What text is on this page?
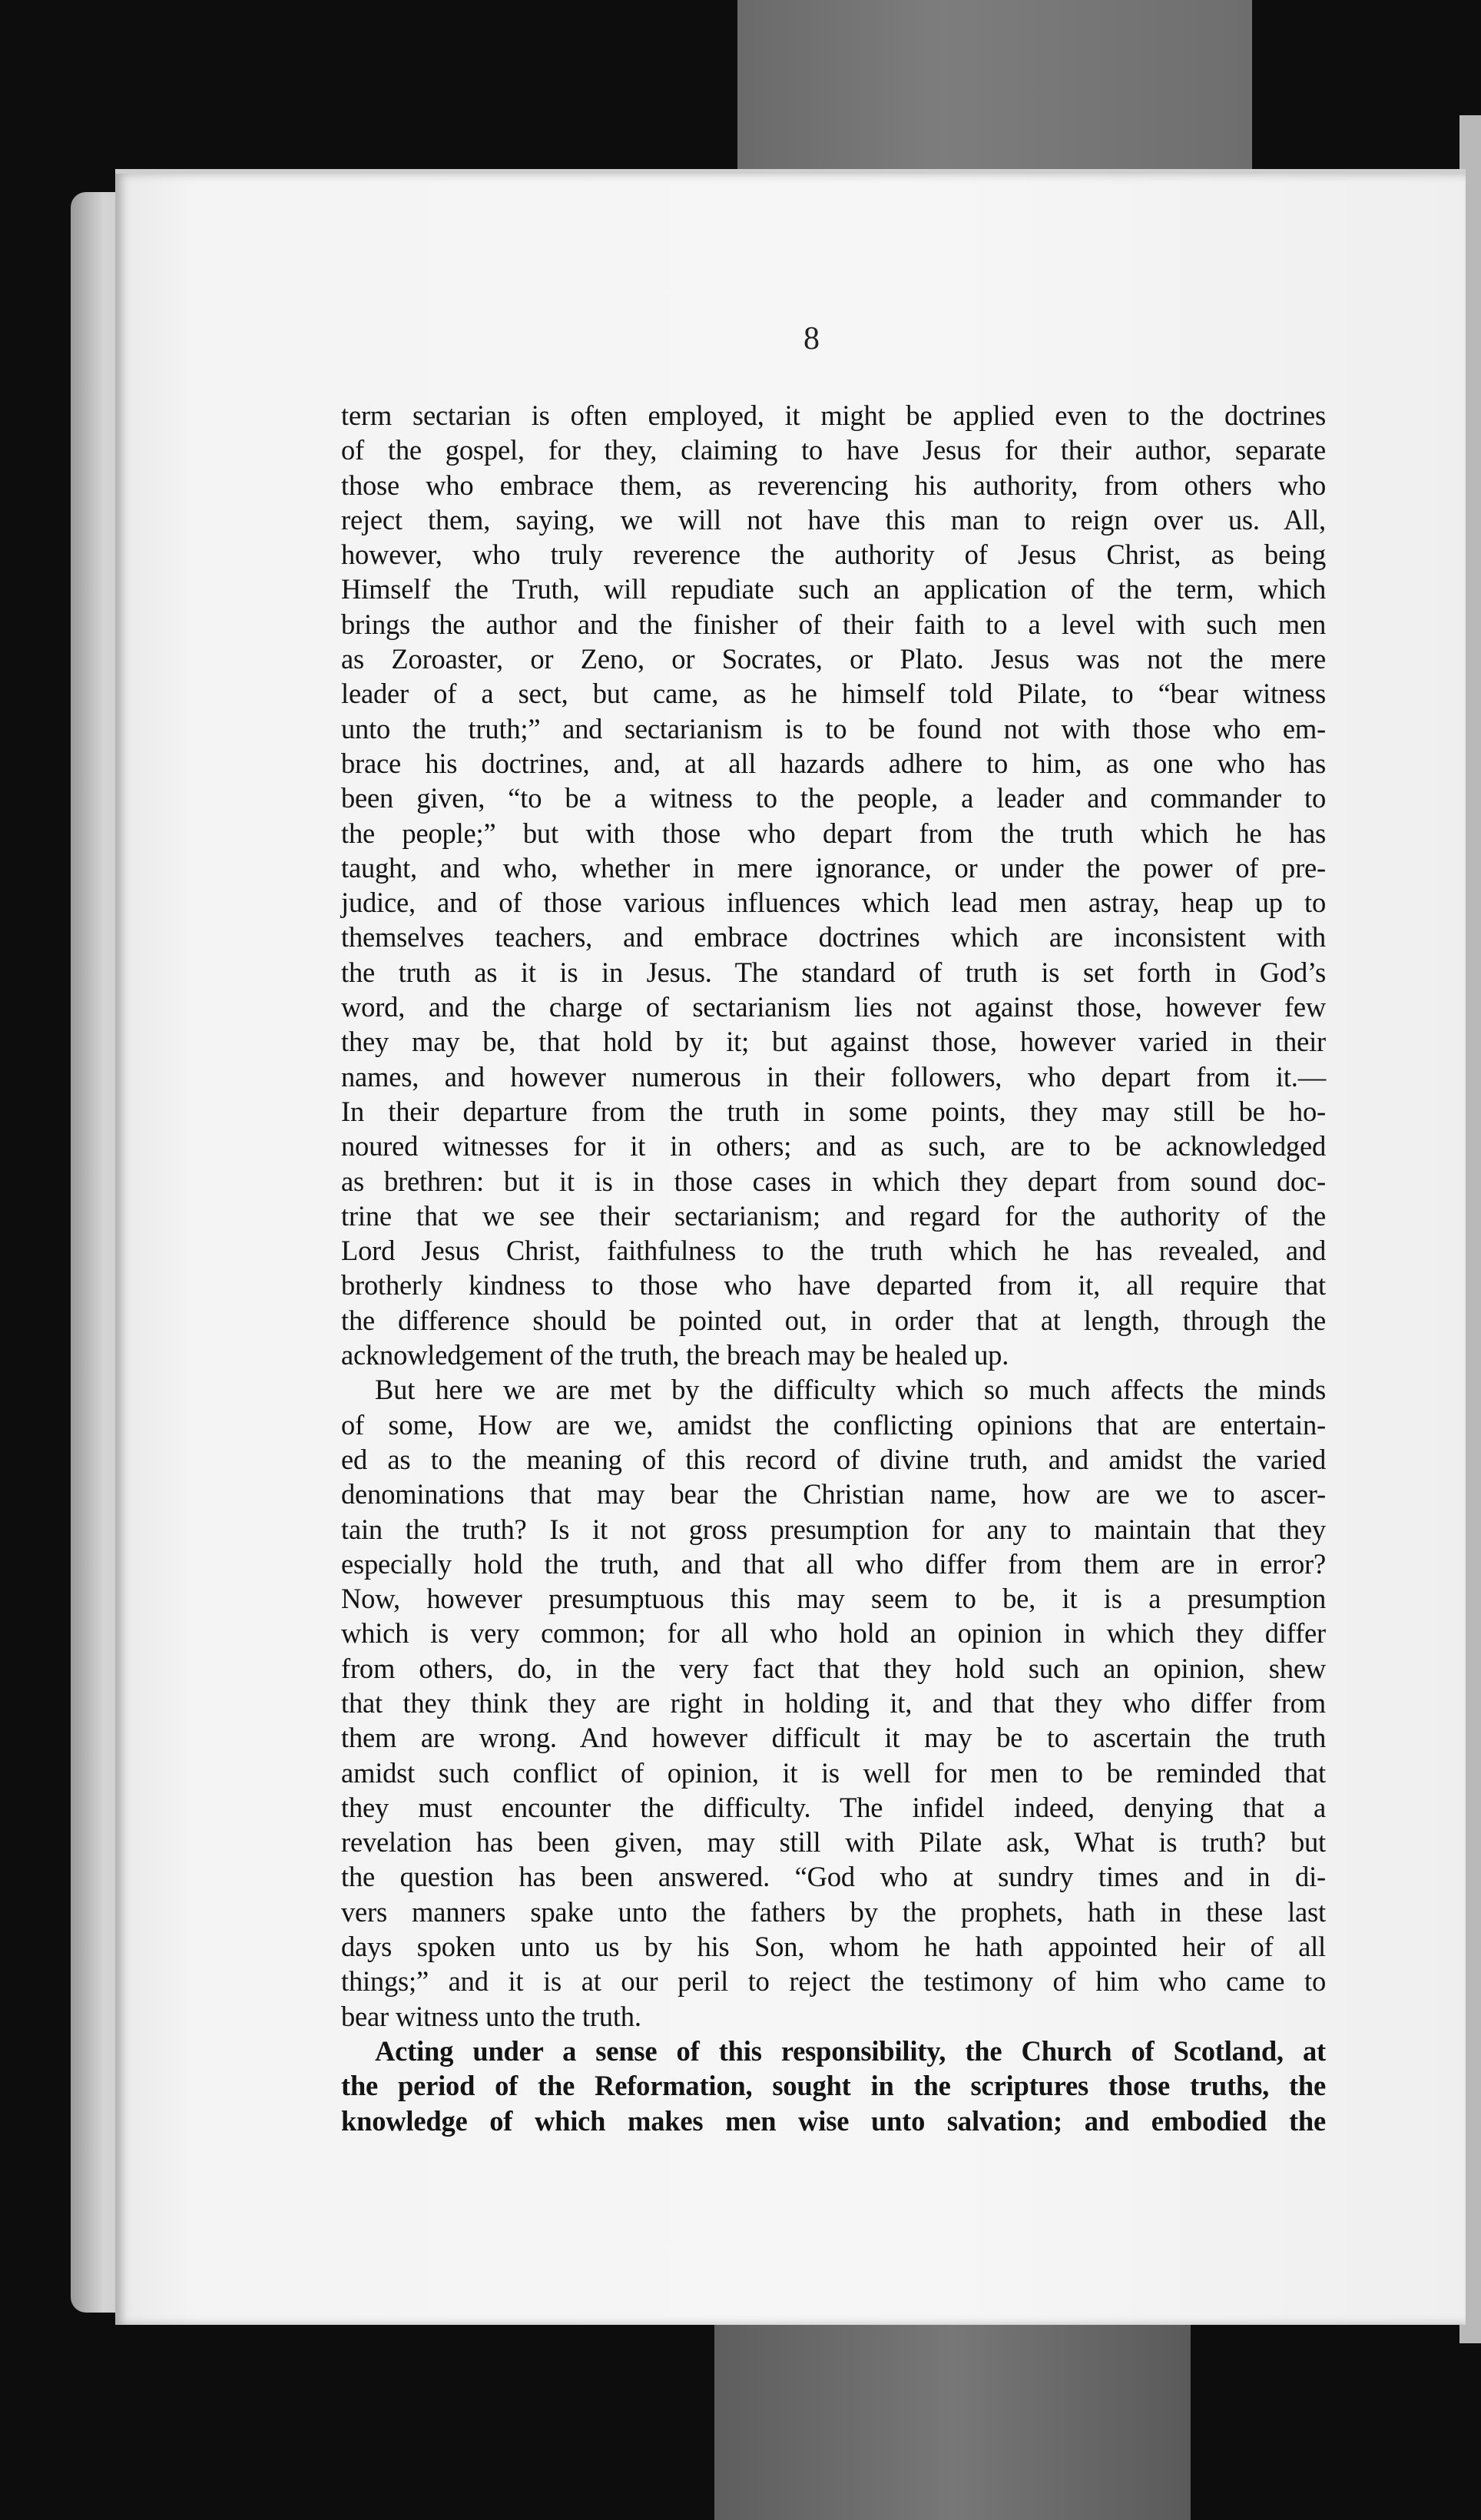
8
term sectarian is often employed, it might be applied even to the doctrines
of the gospel, for they, claiming to have Jesus for their author, separate
those who embrace them, as reverencing his authority, from others who
reject them, saying, we will not have this man to reign over us. All,
however, who truly reverence the authority of Jesus Christ, as being
Himself the Truth, will repudiate such an application of the term, which
brings the author and the finisher of their faith to a level with such men
as Zoroaster, or Zeno, or Socrates, or Plato. Jesus was not the mere
leader of a sect, but came, as he himself told Pilate, to “bear witness
unto the truth;” and sectarianism is to be found not with those who em-
brace his doctrines, and, at all hazards adhere to him, as one who has
been given, “to be a witness to the people, a leader and commander to
the people;” but with those who depart from the truth which he has
taught, and who, whether in mere ignorance, or under the power of pre-
judice, and of those various influences which lead men astray, heap up to
themselves teachers, and embrace doctrines which are inconsistent with
the truth as it is in Jesus. The standard of truth is set forth in God’s
word, and the charge of sectarianism lies not against those, however few
they may be, that hold by it; but against those, however varied in their
names, and however numerous in their followers, who depart from it.—
In their departure from the truth in some points, they may still be ho-
noured witnesses for it in others; and as such, are to be acknowledged
as brethren: but it is in those cases in which they depart from sound doc-
trine that we see their sectarianism; and regard for the authority of the
Lord Jesus Christ, faithfulness to the truth which he has revealed, and
brotherly kindness to those who have departed from it, all require that
the difference should be pointed out, in order that at length, through the
acknowledgement of the truth, the breach may be healed up.
But here we are met by the difficulty which so much affects the minds
of some, How are we, amidst the conflicting opinions that are entertain-
ed as to the meaning of this record of divine truth, and amidst the varied
denominations that may bear the Christian name, how are we to ascer-
tain the truth? Is it not gross presumption for any to maintain that they
especially hold the truth, and that all who differ from them are in error?
Now, however presumptuous this may seem to be, it is a presumption
which is very common; for all who hold an opinion in which they differ
from others, do, in the very fact that they hold such an opinion, shew
that they think they are right in holding it, and that they who differ from
them are wrong. And however difficult it may be to ascertain the truth
amidst such conflict of opinion, it is well for men to be reminded that
they must encounter the difficulty. The infidel indeed, denying that a
revelation has been given, may still with Pilate ask, What is truth? but
the question has been answered. “God who at sundry times and in di-
vers manners spake unto the fathers by the prophets, hath in these last
days spoken unto us by his Son, whom he hath appointed heir of all
things;” and it is at our peril to reject the testimony of him who came to
bear witness unto the truth.
Acting under a sense of this responsibility, the Church of Scotland, at
the period of the Reformation, sought in the scriptures those truths, the
knowledge of which makes men wise unto salvation; and embodied the
